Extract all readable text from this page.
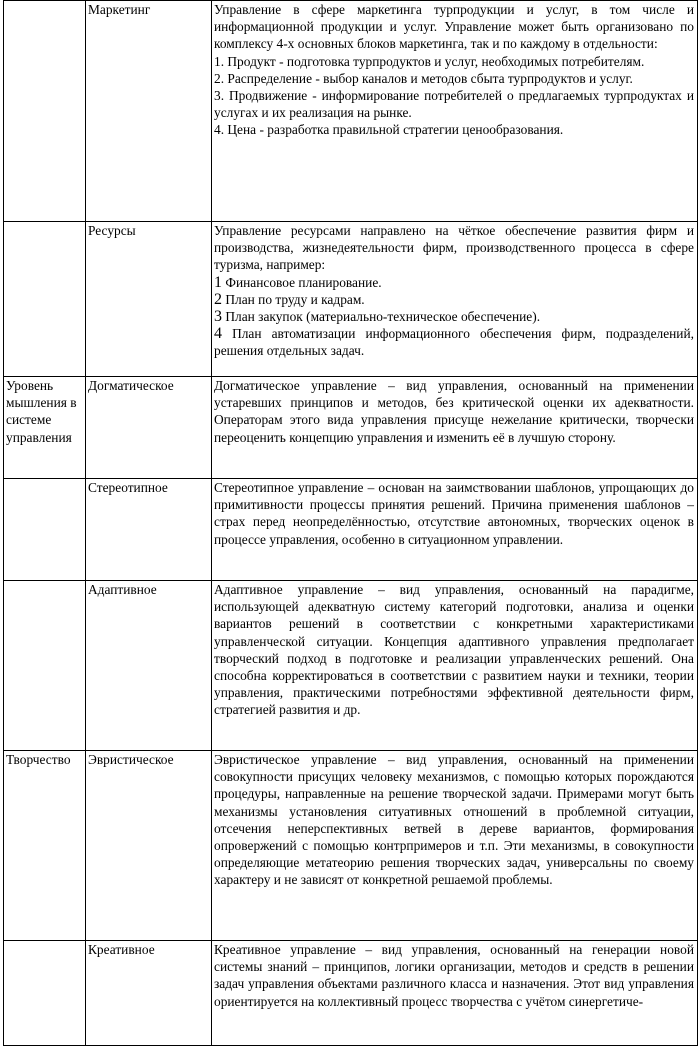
	Маркетинг	Управление в сфере маркетинга турпродукции и услуг, в том числе и информационной продукции и услуг. Управление может быть организовано по комплексу 4-х основных блоков маркетинга, так и по каждому в отдельности:

1. Продукт - подготовка турпродуктов и услуг, необходимых потребителям.

2. Распределение - выбор каналов и методов сбыта турпродуктов и услуг.

3. Продвижение - информирование потребителей о предлагаемых турпродуктах и услугах и их реализация на рынке.

4. Цена - разработка правильной стратегии ценообразования.

	Ресурсы	Управление ресурсами направлено на чёткое обеспечение развития фирм и производства, жизнедеятельности фирм, производственного процесса в сфере туризма, например:

1 Финансовое планирование.

2 План по труду и кадрам.

3 План закупок (материально-техническое обеспечение).

4 План автоматизации информационного обеспечения фирм, подразделений, решения отдельных задач.

Уровень мышления в системе управления	Догматическое	Догматическое управление – вид управления, основанный на применении устаревших принципов и методов, без критической оценки их адекватности. Операторам этого вида управления присуще нежелание критически, творчески переоценить концепцию управления и изменить её в лучшую сторону.

	Стереотипное	Стереотипное управление – основан на заимствовании шаблонов, упрощающих до примитивности процессы принятия решений. Причина применения шаблонов – страх перед неопределённостью, отсутствие автономных, творческих оценок в процессе управления, особенно в ситуационном управлении.

	Адаптивное	Адаптивное управление – вид управления, основанный на парадигме, использующей адекватную систему категорий подготовки, анализа и оценки вариантов решений в соответствии с конкретными характеристиками управленческой ситуации. Концепция адаптивного управления предполагает творческий подход в подготовке и реализации управленческих решений. Она способна корректироваться в соответствии с развитием науки и техники, теории управления, практическими потребностями эффективной деятельности фирм, стратегией развития и др.

Творчество	Эвристическое	Эвристическое управление – вид управления, основанный на применении совокупности присущих человеку механизмов, с помощью которых порождаются процедуры, направленные на решение творческой задачи. Примерами могут быть механизмы установления ситуативных отношений в проблемной ситуации, отсечения неперспективных ветвей в дереве вариантов, формирования опровержений с помощью контрпримеров и т.п. Эти механизмы, в совокупности определяющие метатеорию решения творческих задач, универсальны по своему характеру и не зависят от конкретной решаемой проблемы.

	Креативное	Креативное управление – вид управления, основанный на генерации новой системы знаний – принципов, логики организации, методов и средств в решении задач управления объектами различного класса и назначения. Этот вид управления ориентируется на коллективный процесс творчества с учётом синергетиче-
